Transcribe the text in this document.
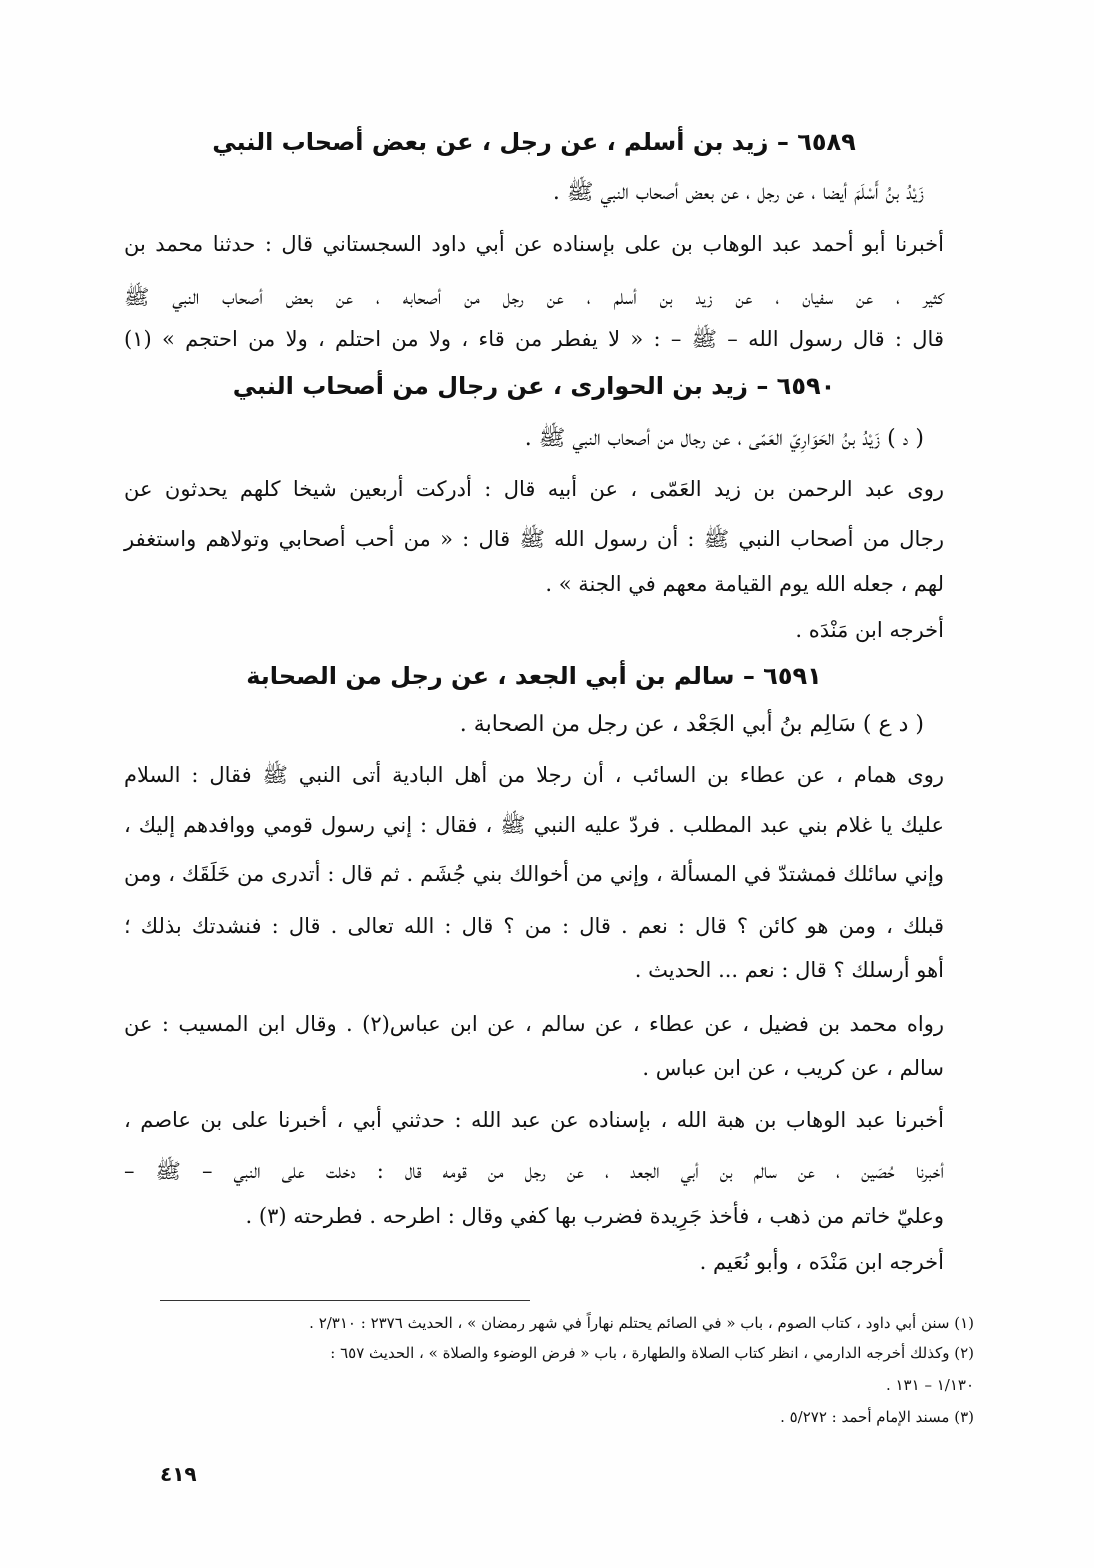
٦٥٨٩ – زيد بن أسلم ، عن رجل ، عن بعض أصحاب النبي
زَيْدُ بنُ أَسْلَمَ أيضا ، عن رجل ، عن بعض أصحاب النبي ﷺ .
أخبرنا أبو أحمد عبد الوهاب بن على بإسناده عن أبي داود السجستاني قال : حدثنا محمد بن
كثير ، عن سفيان ، عن زيد بن أسلم ، عن رجل من أصحابه ، عن بعض أصحاب النبي ﷺ
قال : قال رسول الله – ﷺ – : « لا يفطر من قاء ، ولا من احتلم ، ولا من احتجم » (١)
٦٥٩٠ – زيد بن الحوارى ، عن رجال من أصحاب النبي
( د ) زَيْدُ بنُ الحَوَارِيّ العَمّى ، عن رجال من أصحاب النبي ﷺ .
روى عبد الرحمن بن زيد العَمّى ، عن أبيه قال : أدركت أربعين شيخا كلهم يحدثون عن
رجال من أصحاب النبي ﷺ : أن رسول الله ﷺ قال : « من أحب أصحابي وتولاهم واستغفر
لهم ، جعله الله يوم القيامة معهم في الجنة » .
أخرجه ابن مَنْدَه .
٦٥٩١ – سالم بن أبي الجعد ، عن رجل من الصحابة
( د ع ) سَالِم بنُ أبي الجَعْد ، عن رجل من الصحابة .
روى همام ، عن عطاء بن السائب ، أن رجلا من أهل البادية أتى النبي ﷺ فقال : السلام
عليك يا غلام بني عبد المطلب . فردّ عليه النبي ﷺ ، فقال : إني رسول قومي ووافدهم إليك ،
وإني سائلك فمشتدّ في المسألة ، وإني من أخوالك بني جُشَم . ثم قال : أتدرى من خَلَقَك ، ومن
قبلك ، ومن هو كائن ؟ قال : نعم . قال : من ؟ قال : الله تعالى . قال : فنشدتك بذلك ؛
أهو أرسلك ؟ قال : نعم ... الحديث .
رواه محمد بن فضيل ، عن عطاء ، عن سالم ، عن ابن عباس(٢) . وقال ابن المسيب : عن
سالم ، عن كريب ، عن ابن عباس .
أخبرنا عبد الوهاب بن هبة الله ، بإسناده عن عبد الله : حدثني أبي ، أخبرنا على بن عاصم ،
أخبرنا حُصَين ، عن سالم بن أبي الجعد ، عن رجل من قومه قال : دخلت على النبي – ﷺ –
وعليّ خاتم من ذهب ، فأخذ جَرِيدة فضرب بها كفي وقال : اطرحه . فطرحته (٣) .
أخرجه ابن مَنْدَه ، وأبو نُعَيم .
(١) سنن أبي داود ، كتاب الصوم ، باب « في الصائم يحتلم نهاراً في شهر رمضان » ، الحديث ٢٣٧٦ : ٢/٣١٠ .
(٢) وكذلك أخرجه الدارمي ، انظر كتاب الصلاة والطهارة ، باب « فرض الوضوء والصلاة » ، الحديث ٦٥٧ :
١/١٣٠ – ١٣١ .
(٣) مسند الإمام أحمد : ٥/٢٧٢ .
٤١٩
